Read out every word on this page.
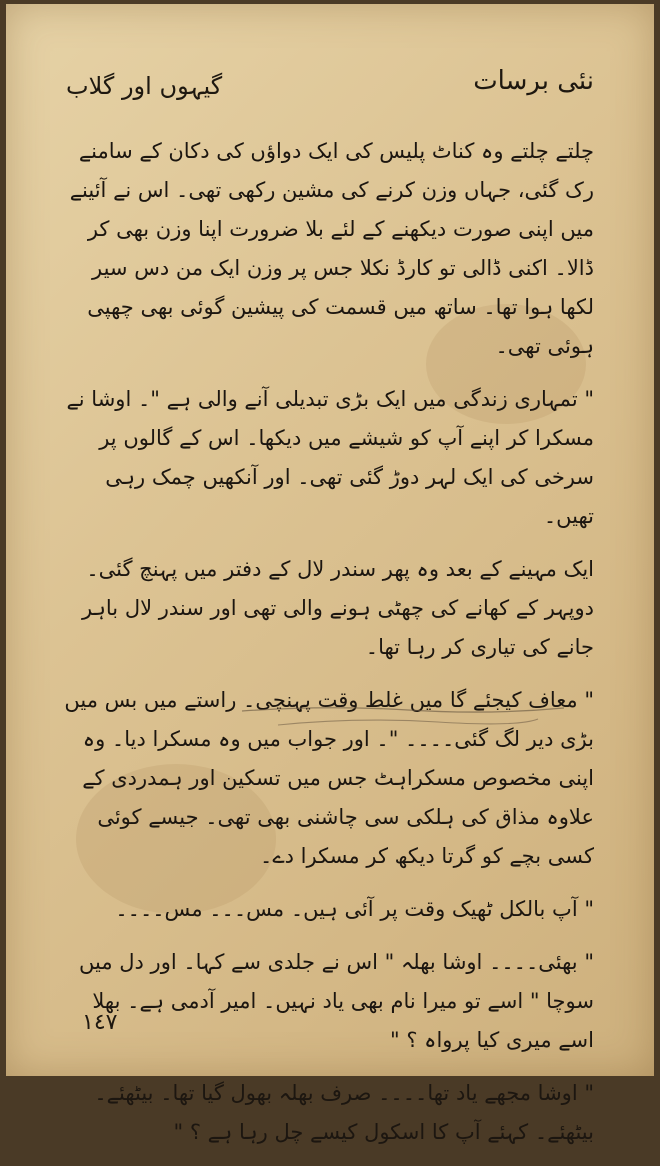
نئی برسات
گیہوں اور گلاب

چلتے چلتے وہ کناٹ پلیس کی ایک دواؤں کی دکان کے سامنے رک گئی، جہاں وزن کرنے کی مشین رکھی تھی۔ اس نے آئینے میں اپنی صورت دیکھنے کے لئے بلا ضرورت اپنا وزن بھی کر ڈالا۔ اکنی ڈالی تو کارڈ نکلا جس پر وزن ایک من دس سیر لکھا ہوا تھا۔ ساتھ میں قسمت کی پیشین گوئی بھی چھپی ہوئی تھی۔

" تمہاری زندگی میں ایک بڑی تبدیلی آنے والی ہے "۔ اوشا نے مسکرا کر اپنے آپ کو شیشے میں دیکھا۔ اس کے گالوں پر سرخی کی ایک لہر دوڑ گئی تھی۔ اور آنکھیں چمک رہی تھیں۔

ایک مہینے کے بعد وہ پھر سندر لال کے دفتر میں پہنچ گئی۔ دوپہر کے کھانے کی چھٹی ہونے والی تھی اور سندر لال باہر جانے کی تیاری کر رہا تھا۔

" معاف کیجئے گا میں غلط وقت پہنچی۔ راستے میں بس میں بڑی دیر لگ گئی۔۔۔۔ "۔ اور جواب میں وہ مسکرا دیا۔ وہ اپنی مخصوص مسکراہٹ جس میں تسکین اور ہمدردی کے علاوہ مذاق کی ہلکی سی چاشنی بھی تھی۔ جیسے کوئی کسی بچے کو گرتا دیکھ کر مسکرا دے۔

" آپ بالکل ٹھیک وقت پر آئی ہیں۔ مس۔۔۔ مس۔۔۔۔

" بھئی۔۔۔۔ اوشا بھلہ " اس نے جلدی سے کہا۔ اور دل میں سوچا " اسے تو میرا نام بھی یاد نہیں۔ امیر آدمی ہے۔ بھلا اسے میری کیا پرواہ ؟ "

" اوشا مجھے یاد تھا۔۔۔۔ صرف بھلہ بھول گیا تھا۔ بیٹھئے۔ بیٹھئے۔ کہئے آپ کا اسکول کیسے چل رہا ہے ؟ "

١٤٧
